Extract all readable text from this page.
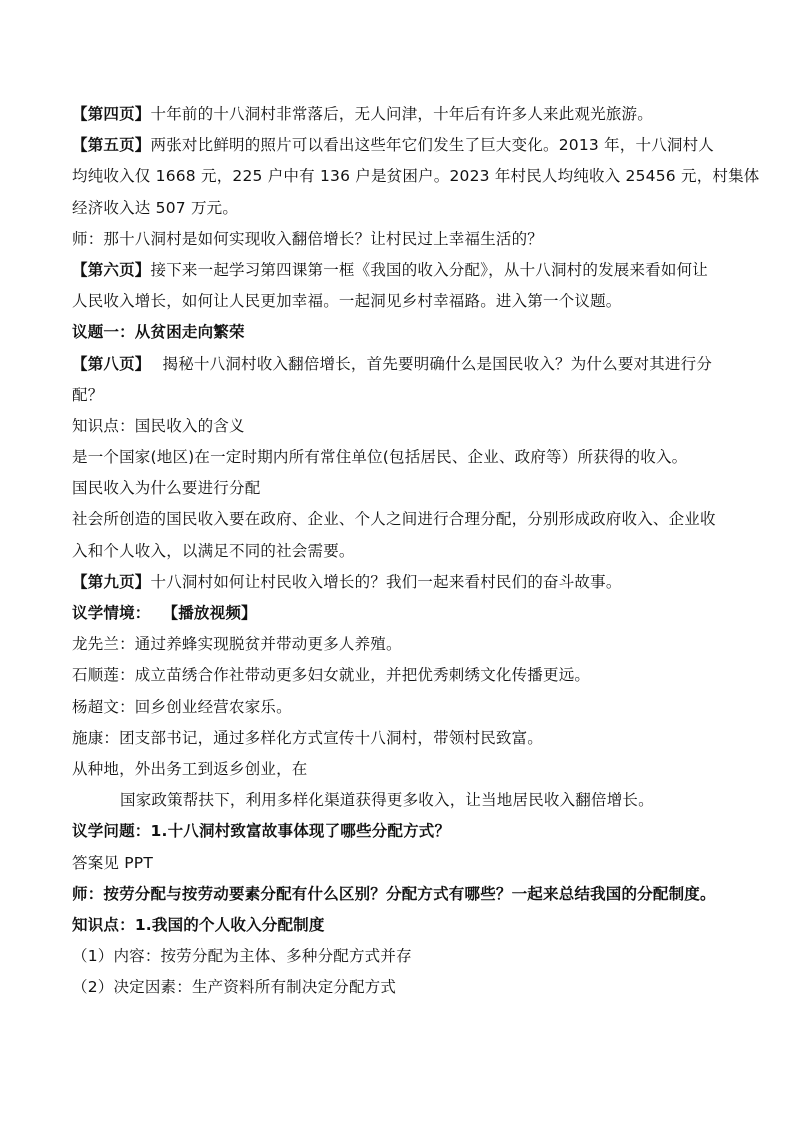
【第四页】十年前的十八洞村非常落后，无人问津，十年后有许多人来此观光旅游。
【第五页】两张对比鲜明的照片可以看出这些年它们发生了巨大变化。2013 年，十八洞村人
均纯收入仅 1668 元，225 户中有 136 户是贫困户。2023 年村民人均纯收入 25456 元，村集体
经济收入达 507 万元。
师：那十八洞村是如何实现收入翻倍增长？让村民过上幸福生活的？
【第六页】接下来一起学习第四课第一框《我国的收入分配》，从十八洞村的发展来看如何让
人民收入增长，如何让人民更加幸福。一起洞见乡村幸福路。进入第一个议题。
议题一：从贫困走向繁荣
【第八页】 揭秘十八洞村收入翻倍增长，首先要明确什么是国民收入？为什么要对其进行分
配？
知识点：国民收入的含义
是一个国家(地区)在一定时期内所有常住单位(包括居民、企业、政府等）所获得的收入。
国民收入为什么要进行分配
社会所创造的国民收入要在政府、企业、个人之间进行合理分配，分别形成政府收入、企业收
入和个人收入，以满足不同的社会需要。
【第九页】十八洞村如何让村民收入增长的？我们一起来看村民们的奋斗故事。
议学情境： 【播放视频】
龙先兰：通过养蜂实现脱贫并带动更多人养殖。
石顺莲：成立苗绣合作社带动更多妇女就业，并把优秀刺绣文化传播更远。
杨超文：回乡创业经营农家乐。
施康：团支部书记，通过多样化方式宣传十八洞村，带领村民致富。
从种地，外出务工到返乡创业，在
国家政策帮扶下，利用多样化渠道获得更多收入，让当地居民收入翻倍增长。
议学问题：1.十八洞村致富故事体现了哪些分配方式？
答案见 PPT
师：按劳分配与按劳动要素分配有什么区别？分配方式有哪些？一起来总结我国的分配制度。
知识点：1.我国的个人收入分配制度
（1）内容：按劳分配为主体、多种分配方式并存
（2）决定因素：生产资料所有制决定分配方式
